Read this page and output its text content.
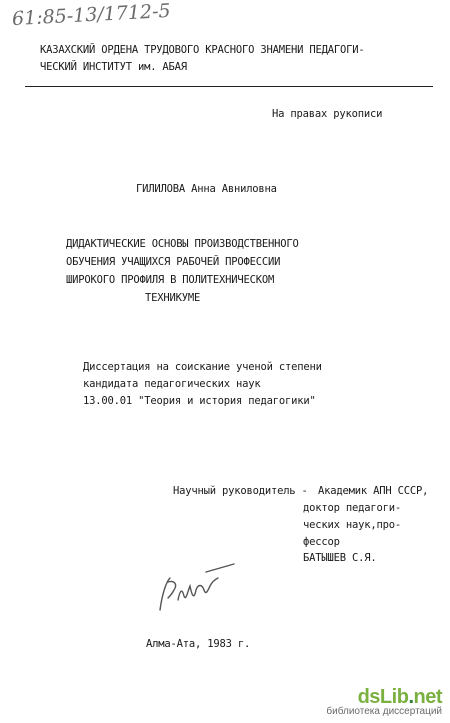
61:85-13/1712-5
КАЗАХСКИЙ ОРДЕНА ТРУДОВОГО КРАСНОГО ЗНАМЕНИ ПЕДАГОГИ-
ЧЕСКИЙ ИНСТИТУТ им. АБАЯ
На правах рукописи
ГИЛИЛОВА Анна Авниловна
ДИДАКТИЧЕСКИЕ ОСНОВЫ ПРОИЗВОДСТВЕННОГО
ОБУЧЕНИЯ УЧАЩИХСЯ РАБОЧЕЙ ПРОФЕССИИ
ШИРОКОГО ПРОФИЛЯ В ПОЛИТЕХНИЧЕСКОМ
ТЕХНИКУМЕ
Диссертация на соискание ученой степени
кандидата педагогических наук
13.00.01 "Теория и история педагогики"
Научный руководитель - Академик АПН СССР,
доктор педагоги-
ческих наук,про-
фессор
БАТЫШЕВ С.Я.
Алма-Ата, 1983 г.
dsLib.net
библиотека диссертаций
